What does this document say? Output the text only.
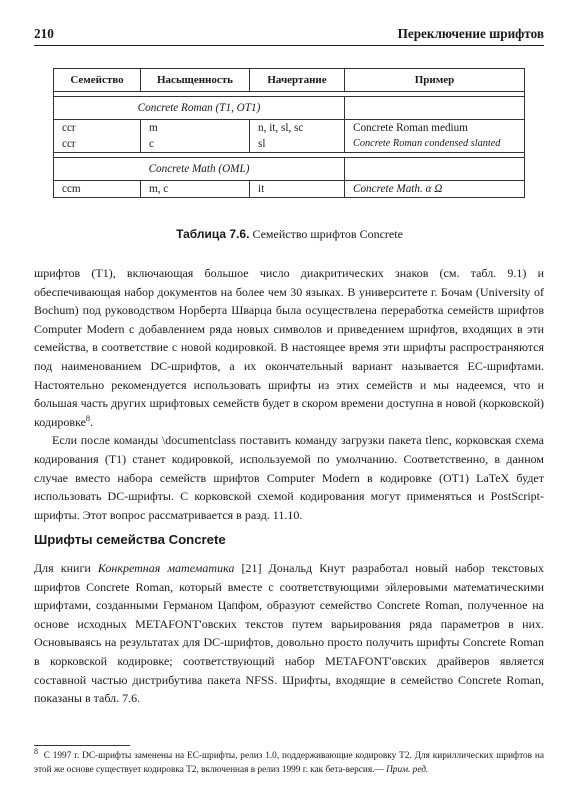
210	Переключение шрифтов
Семейство	Насыщенность	Начертание	Пример

Concrete Roman (T1, OT1)			
ccr	m	n, it, sl, sc	Concrete Roman medium
ccr	c	sl	Concrete Roman condensed slanted

Concrete Math (OML)			
ccm	m, c	it	Concrete Math. α Ω
Таблица 7.6. Семейство шрифтов Concrete

шрифтов (T1), включающая большое число диакритических знаков (см. табл. 9.1) и обеспечивающая набор документов на более чем 30 языках. В университете г. Бочам (University of Bochum) под руководством Норберта Шварца была осуществлена переработка семейств шрифтов Computer Modern с добавлением ряда новых символов и приведением шрифтов, входящих в эти семейства, в соответствие с новой кодировкой. В настоящее время эти шрифты распространяются под наименованием DC-шрифтов, а их окончательный вариант называется EC-шрифтами. Настоятельно рекомендуется использовать шрифты из этих семейств и мы надеемся, что и большая часть других шрифтовых семейств будет в скором времени доступна в новой (корковской) кодировке$^8$.

Если после команды \documentclass поставить команду загрузки пакета tlenc, корковская схема кодирования (T1) станет кодировкой, используемой по умолчанию. Соответственно, в данном случае вместо набора семейств шрифтов Computer Modern в кодировке (OT1) LaTeX будет использовать DC-шрифты. С корковской схемой кодирования могут применяться и PostScript-шрифты. Этот вопрос рассматривается в разд. 11.10.

Шрифты семейства Concrete

Для книги Конкретная математика [21] Дональд Кнут разработал новый набор текстовых шрифтов Concrete Roman, который вместе с соответствующими эйлеровыми математическими шрифтами, созданными Германом Цапфом, образуют семейство Concrete Roman, полученное на основе исходных METAFONT'овских текстов путем варьирования ряда параметров в них. Основываясь на результатах для DC-шрифтов, довольно просто получить шрифты Concrete Roman в корковской кодировке; соответствующий набор METAFONT'овских драйверов является составной частью дистрибутива пакета NFSS. Шрифты, входящие в семейство Concrete Roman, показаны в табл. 7.6.

$^8$ С 1997 г. DC-шрифты заменены на EC-шрифты, релиз 1.0, поддерживающие кодировку T2. Для кириллических шрифтов на этой же основе существует кодировка T2, включенная в релиз 1999 г. как бета-версия.— Прим. ред.
